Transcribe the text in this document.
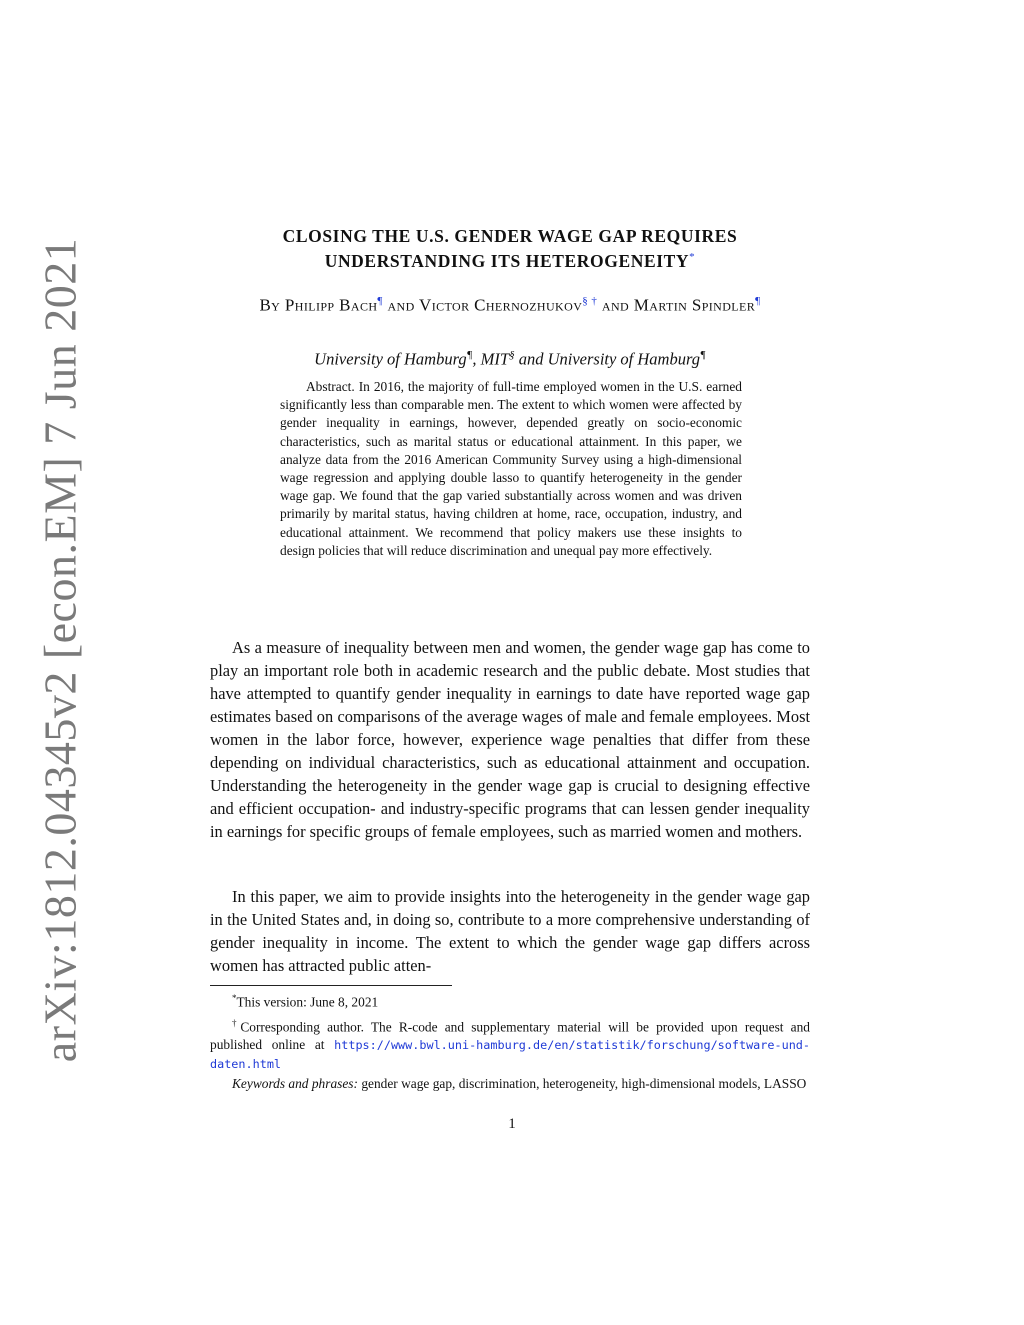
arXiv:1812.04345v2 [econ.EM] 7 Jun 2021
CLOSING THE U.S. GENDER WAGE GAP REQUIRES
UNDERSTANDING ITS HETEROGENEITY*
By Philipp Bach¶ and Victor Chernozhukov§ † and Martin Spindler¶
University of Hamburg¶, MIT§ and University of Hamburg¶
Abstract. In 2016, the majority of full-time employed women in the U.S. earned significantly less than comparable men. The extent to which women were affected by gender inequality in earnings, however, depended greatly on socio-economic characteristics, such as marital status or educational attainment. In this paper, we analyze data from the 2016 American Community Survey using a high-dimensional wage regression and applying double lasso to quantify heterogeneity in the gender wage gap. We found that the gap varied substantially across women and was driven primarily by marital status, having children at home, race, occupation, industry, and educational attainment. We recommend that policy makers use these insights to design policies that will reduce discrimination and unequal pay more effectively.
As a measure of inequality between men and women, the gender wage gap has come to play an important role both in academic research and the public debate. Most studies that have attempted to quantify gender inequality in earnings to date have reported wage gap estimates based on comparisons of the average wages of male and female employees. Most women in the labor force, however, experience wage penalties that differ from these depending on individual characteristics, such as educational attainment and occupation. Understanding the heterogeneity in the gender wage gap is crucial to designing effective and efficient occupation- and industry-specific programs that can lessen gender inequality in earnings for specific groups of female employees, such as married women and mothers.
In this paper, we aim to provide insights into the heterogeneity in the gender wage gap in the United States and, in doing so, contribute to a more comprehensive understanding of gender inequality in income. The extent to which the gender wage gap differs across women has attracted public atten-

*This version: June 8, 2021

†Corresponding author. The R-code and supplementary material will be provided upon request and published online at https://www.bwl.uni-hamburg.de/en/statistik/forschung/software-und-daten.html

Keywords and phrases: gender wage gap, discrimination, heterogeneity, high-dimensional models, LASSO

1
